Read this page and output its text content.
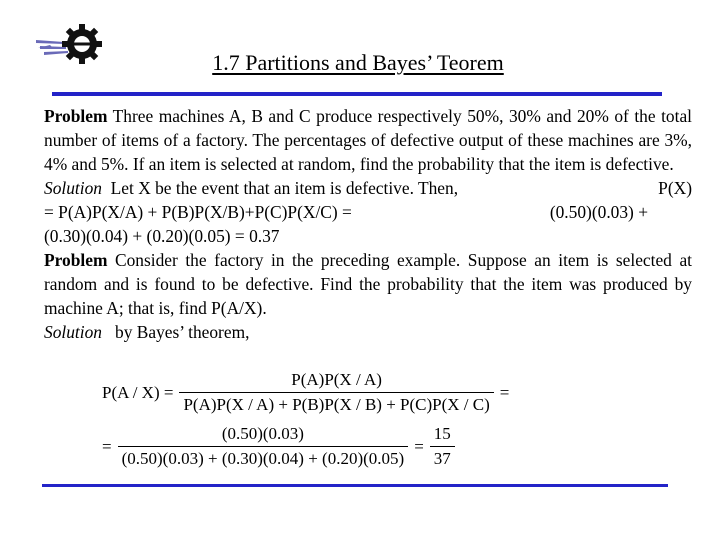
1.7 Partitions and Bayes’ Teorem

Problem Three machines A, B and C produce respectively 50%, 30% and 20% of the total number of items of a factory. The percentages of defective output of these machines are 3%, 4% and 5%. If an item is selected at random, find the probability that the item is defective.

Solution  Let X be the event that an item is defective. Then,	P(X)
= P(A)P(X/A) + P(B)P(X/B)+P(C)P(X/C) =	(0.50)(0.03) +
(0.30)(0.04) + (0.20)(0.05) = 0.37

Problem Consider the factory in the preceding example. Suppose an item is selected at random and is found to be defective. Find the probability that the item was produced by machine A; that is, find P(A/X).

Solution   by Bayes’ theorem,
$P(A / X) = \frac{P(A)P(X / A)}{P(A)P(X / A) + P(B)P(X / B) + P(C)P(X / C)}$ =
= $\frac{(0.50)(0.03)}{(0.50)(0.03) + (0.30)(0.04) + (0.20)(0.05)} = \frac{15}{37}$
